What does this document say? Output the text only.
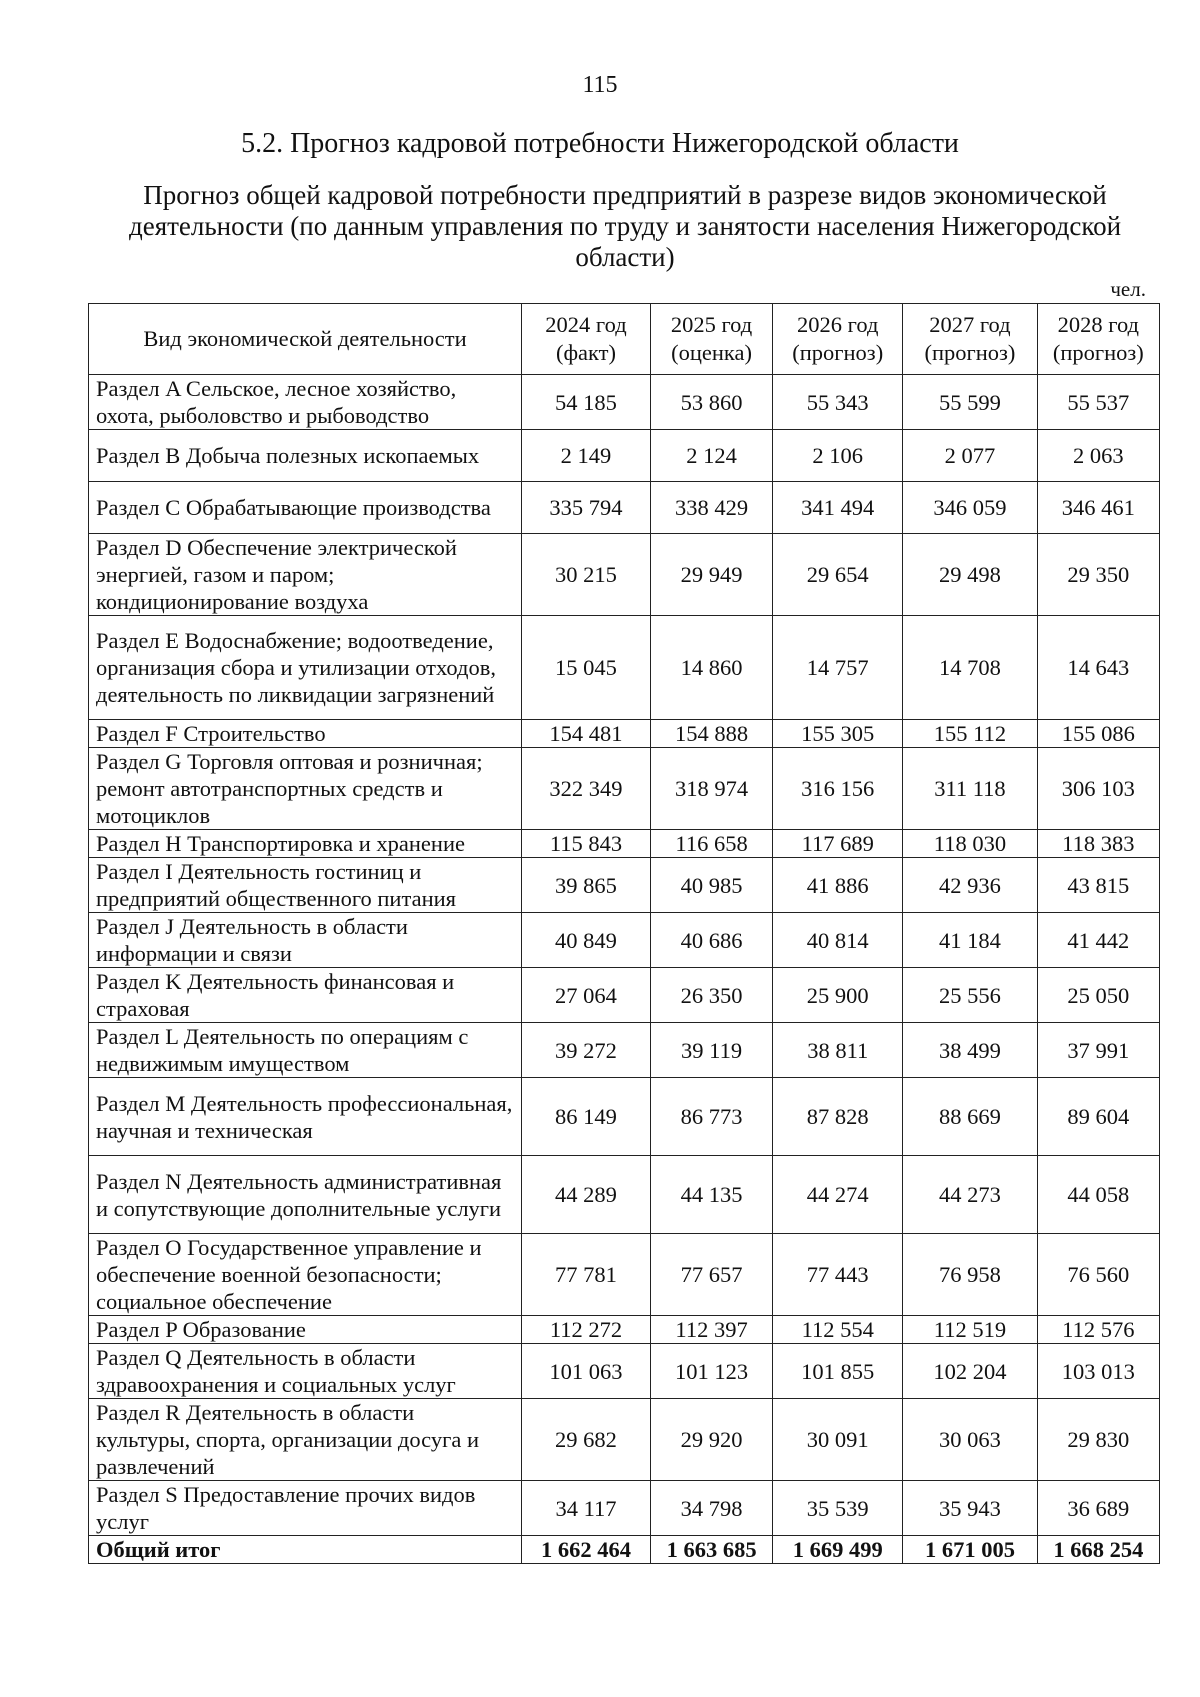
115
5.2. Прогноз кадровой потребности Нижегородской области
Прогноз общей кадровой потребности предприятий в разрезе видов экономической деятельности (по данным управления по труду и занятости населения Нижегородской области)
чел.
Вид экономической деятельности	2024 год (факт)	2025 год (оценка)	2026 год (прогноз)	2027 год (прогноз)	2028 год (прогноз)
Раздел A Сельское, лесное хозяйство, охота, рыболовство и рыбоводство	54 185	53 860	55 343	55 599	55 537
Раздел B Добыча полезных ископаемых	2 149	2 124	2 106	2 077	2 063
Раздел C Обрабатывающие производства	335 794	338 429	341 494	346 059	346 461
Раздел D Обеспечение электрической энергией, газом и паром; кондиционирование воздуха	30 215	29 949	29 654	29 498	29 350
Раздел E Водоснабжение; водоотведение, организация сбора и утилизации отходов, деятельность по ликвидации загрязнений	15 045	14 860	14 757	14 708	14 643
Раздел F Строительство	154 481	154 888	155 305	155 112	155 086
Раздел G Торговля оптовая и розничная; ремонт автотранспортных средств и мотоциклов	322 349	318 974	316 156	311 118	306 103
Раздел H Транспортировка и хранение	115 843	116 658	117 689	118 030	118 383
Раздел I Деятельность гостиниц и предприятий общественного питания	39 865	40 985	41 886	42 936	43 815
Раздел J Деятельность в области информации и связи	40 849	40 686	40 814	41 184	41 442
Раздел K Деятельность финансовая и страховая	27 064	26 350	25 900	25 556	25 050
Раздел L Деятельность по операциям с недвижимым имуществом	39 272	39 119	38 811	38 499	37 991
Раздел M Деятельность профессиональная, научная и техническая	86 149	86 773	87 828	88 669	89 604
Раздел N Деятельность административная и сопутствующие дополнительные услуги	44 289	44 135	44 274	44 273	44 058
Раздел O Государственное управление и обеспечение военной безопасности; социальное обеспечение	77 781	77 657	77 443	76 958	76 560
Раздел P Образование	112 272	112 397	112 554	112 519	112 576
Раздел Q Деятельность в области здравоохранения и социальных услуг	101 063	101 123	101 855	102 204	103 013
Раздел R Деятельность в области культуры, спорта, организации досуга и развлечений	29 682	29 920	30 091	30 063	29 830
Раздел S Предоставление прочих видов услуг	34 117	34 798	35 539	35 943	36 689
Общий итог	1 662 464	1 663 685	1 669 499	1 671 005	1 668 254
